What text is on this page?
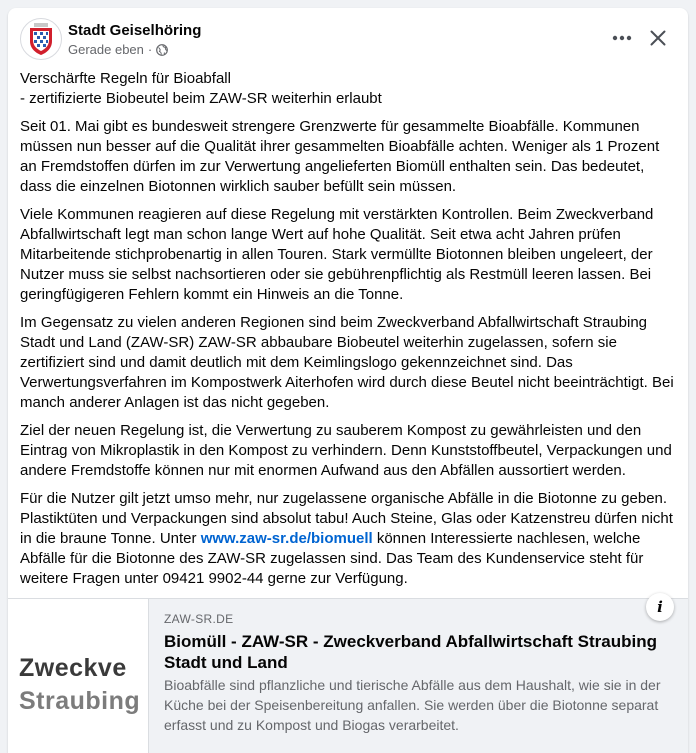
Stadt Geiselhöring
Gerade eben ·

Verschärfte Regeln für Bioabfall
- zertifizierte Biobeutel beim ZAW-SR weiterhin erlaubt

Seit 01. Mai gibt es bundesweit strengere Grenzwerte für gesammelte Bioabfälle. Kommunen müssen nun besser auf die Qualität ihrer gesammelten Bioabfälle achten. Weniger als 1 Prozent an Fremdstoffen dürfen im zur Verwertung angelieferten Biomüll enthalten sein. Das bedeutet, dass die einzelnen Biotonnen wirklich sauber befüllt sein müssen.

Viele Kommunen reagieren auf diese Regelung mit verstärkten Kontrollen. Beim Zweckverband Abfallwirtschaft legt man schon lange Wert auf hohe Qualität. Seit etwa acht Jahren prüfen Mitarbeitende stichprobenartig in allen Touren. Stark vermüllte Biotonnen bleiben ungeleert, der Nutzer muss sie selbst nachsortieren oder sie gebührenpflichtig als Restmüll leeren lassen. Bei geringfügigeren Fehlern kommt ein Hinweis an die Tonne.

Im Gegensatz zu vielen anderen Regionen sind beim Zweckverband Abfallwirtschaft Straubing Stadt und Land (ZAW-SR) ZAW-SR abbaubare Biobeutel weiterhin zugelassen, sofern sie zertifiziert sind und damit deutlich mit dem Keimlingslogo gekennzeichnet sind. Das Verwertungsverfahren im Kompostwerk Aiterhofen wird durch diese Beutel nicht beeinträchtigt. Bei manch anderer Anlagen ist das nicht gegeben.

Ziel der neuen Regelung ist, die Verwertung zu sauberem Kompost zu gewährleisten und den Eintrag von Mikroplastik in den Kompost zu verhindern. Denn Kunststoffbeutel, Verpackungen und andere Fremdstoffe können nur mit enormen Aufwand aus den Abfällen aussortiert werden.

Für die Nutzer gilt jetzt umso mehr, nur zugelassene organische Abfälle in die Biotonne zu geben. Plastiktüten und Verpackungen sind absolut tabu! Auch Steine, Glas oder Katzenstreu dürfen nicht in die braune Tonne. Unter www.zaw-sr.de/biomuell können Interessierte nachlesen, welche Abfälle für die Biotonne des ZAW-SR zugelassen sind. Das Team des Kundenservice steht für weitere Fragen unter 09421 9902-44 gerne zur Verfügung.

Zweckve
Straubing
ZAW-SR.DE
Biomüll - ZAW-SR - Zweckverband Abfallwirtschaft Straubing Stadt und Land
Bioabfälle sind pflanzliche und tierische Abfälle aus dem Haushalt, wie sie in der Küche bei der Speisenbereitung anfallen. Sie werden über die Biotonne separat erfasst und zu Kompost und Biogas verarbeitet.
i
